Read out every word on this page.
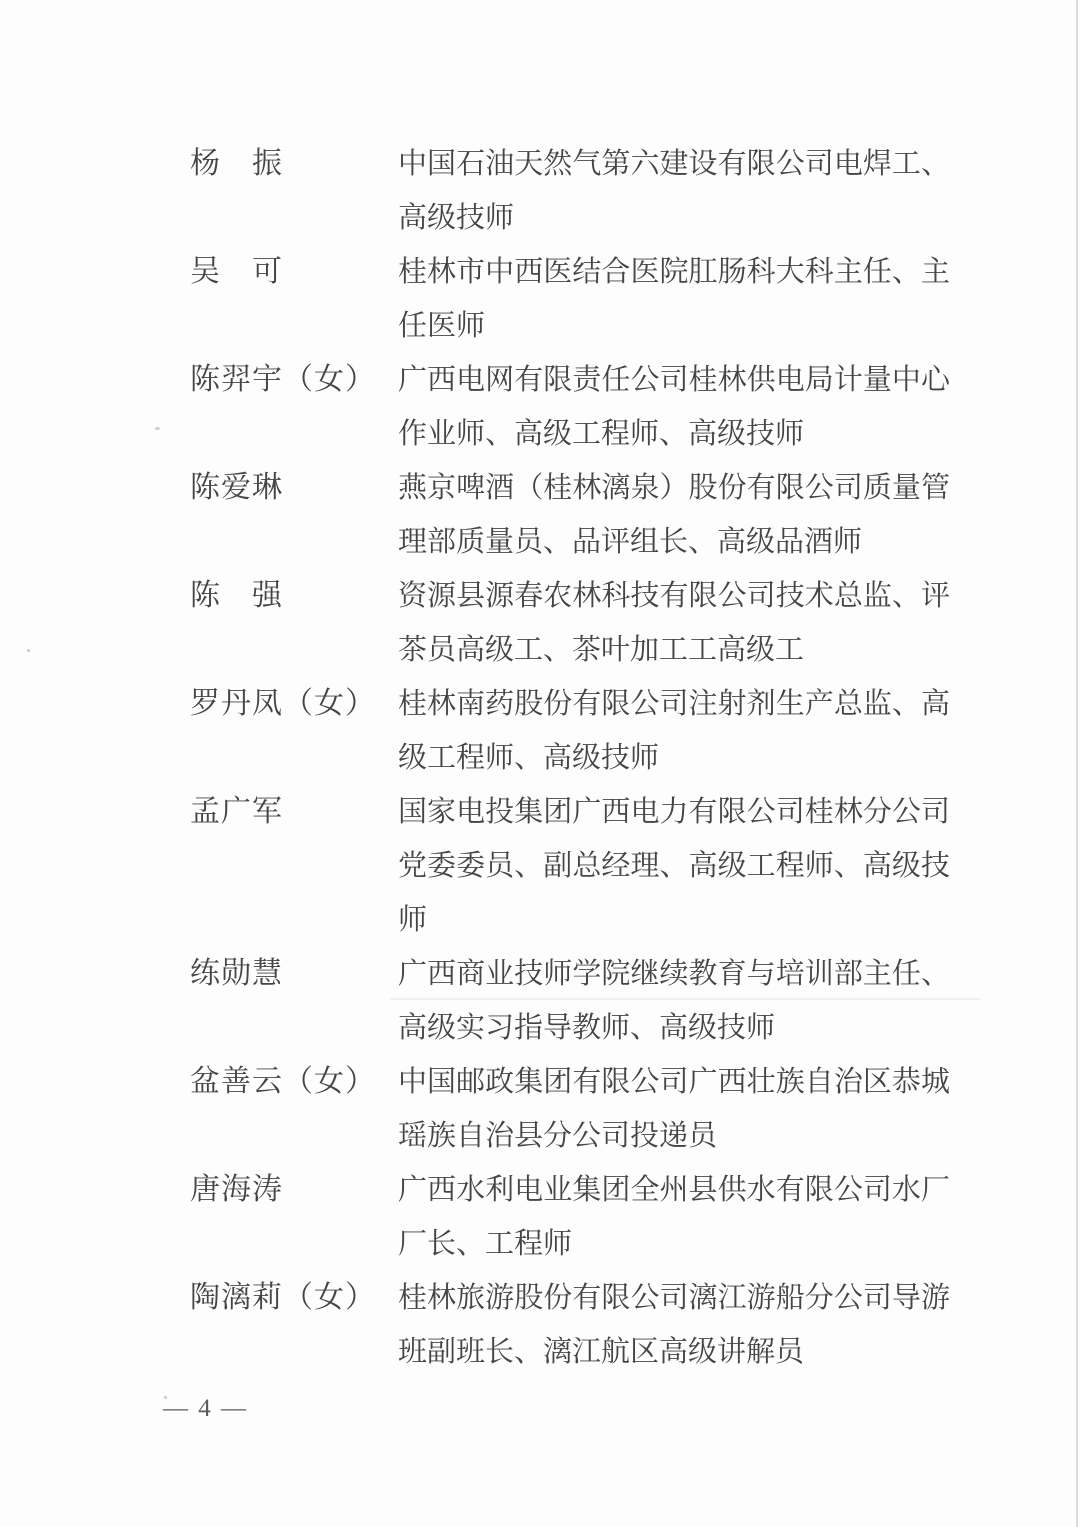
杨　振	中国石油天然气第六建设有限公司电焊工、高级技师
吴　可	桂林市中西医结合医院肛肠科大科主任、主任医师
陈羿宇（女） 广西电网有限责任公司桂林供电局计量中心作业师、高级工程师、高级技师
陈爱琳	燕京啤酒（桂林漓泉）股份有限公司质量管理部质量员、品评组长、高级品酒师
陈　强	资源县源春农林科技有限公司技术总监、评茶员高级工、茶叶加工工高级工
罗丹凤（女） 桂林南药股份有限公司注射剂生产总监、高级工程师、高级技师
孟广军	国家电投集团广西电力有限公司桂林分公司党委委员、副总经理、高级工程师、高级技师
练勋慧	广西商业技师学院继续教育与培训部主任、高级实习指导教师、高级技师
盆善云（女） 中国邮政集团有限公司广西壮族自治区恭城瑶族自治县分公司投递员
唐海涛	广西水利电业集团全州县供水有限公司水厂厂长、工程师
陶漓莉（女） 桂林旅游股份有限公司漓江游船分公司导游班副班长、漓江航区高级讲解员
— 4 —
